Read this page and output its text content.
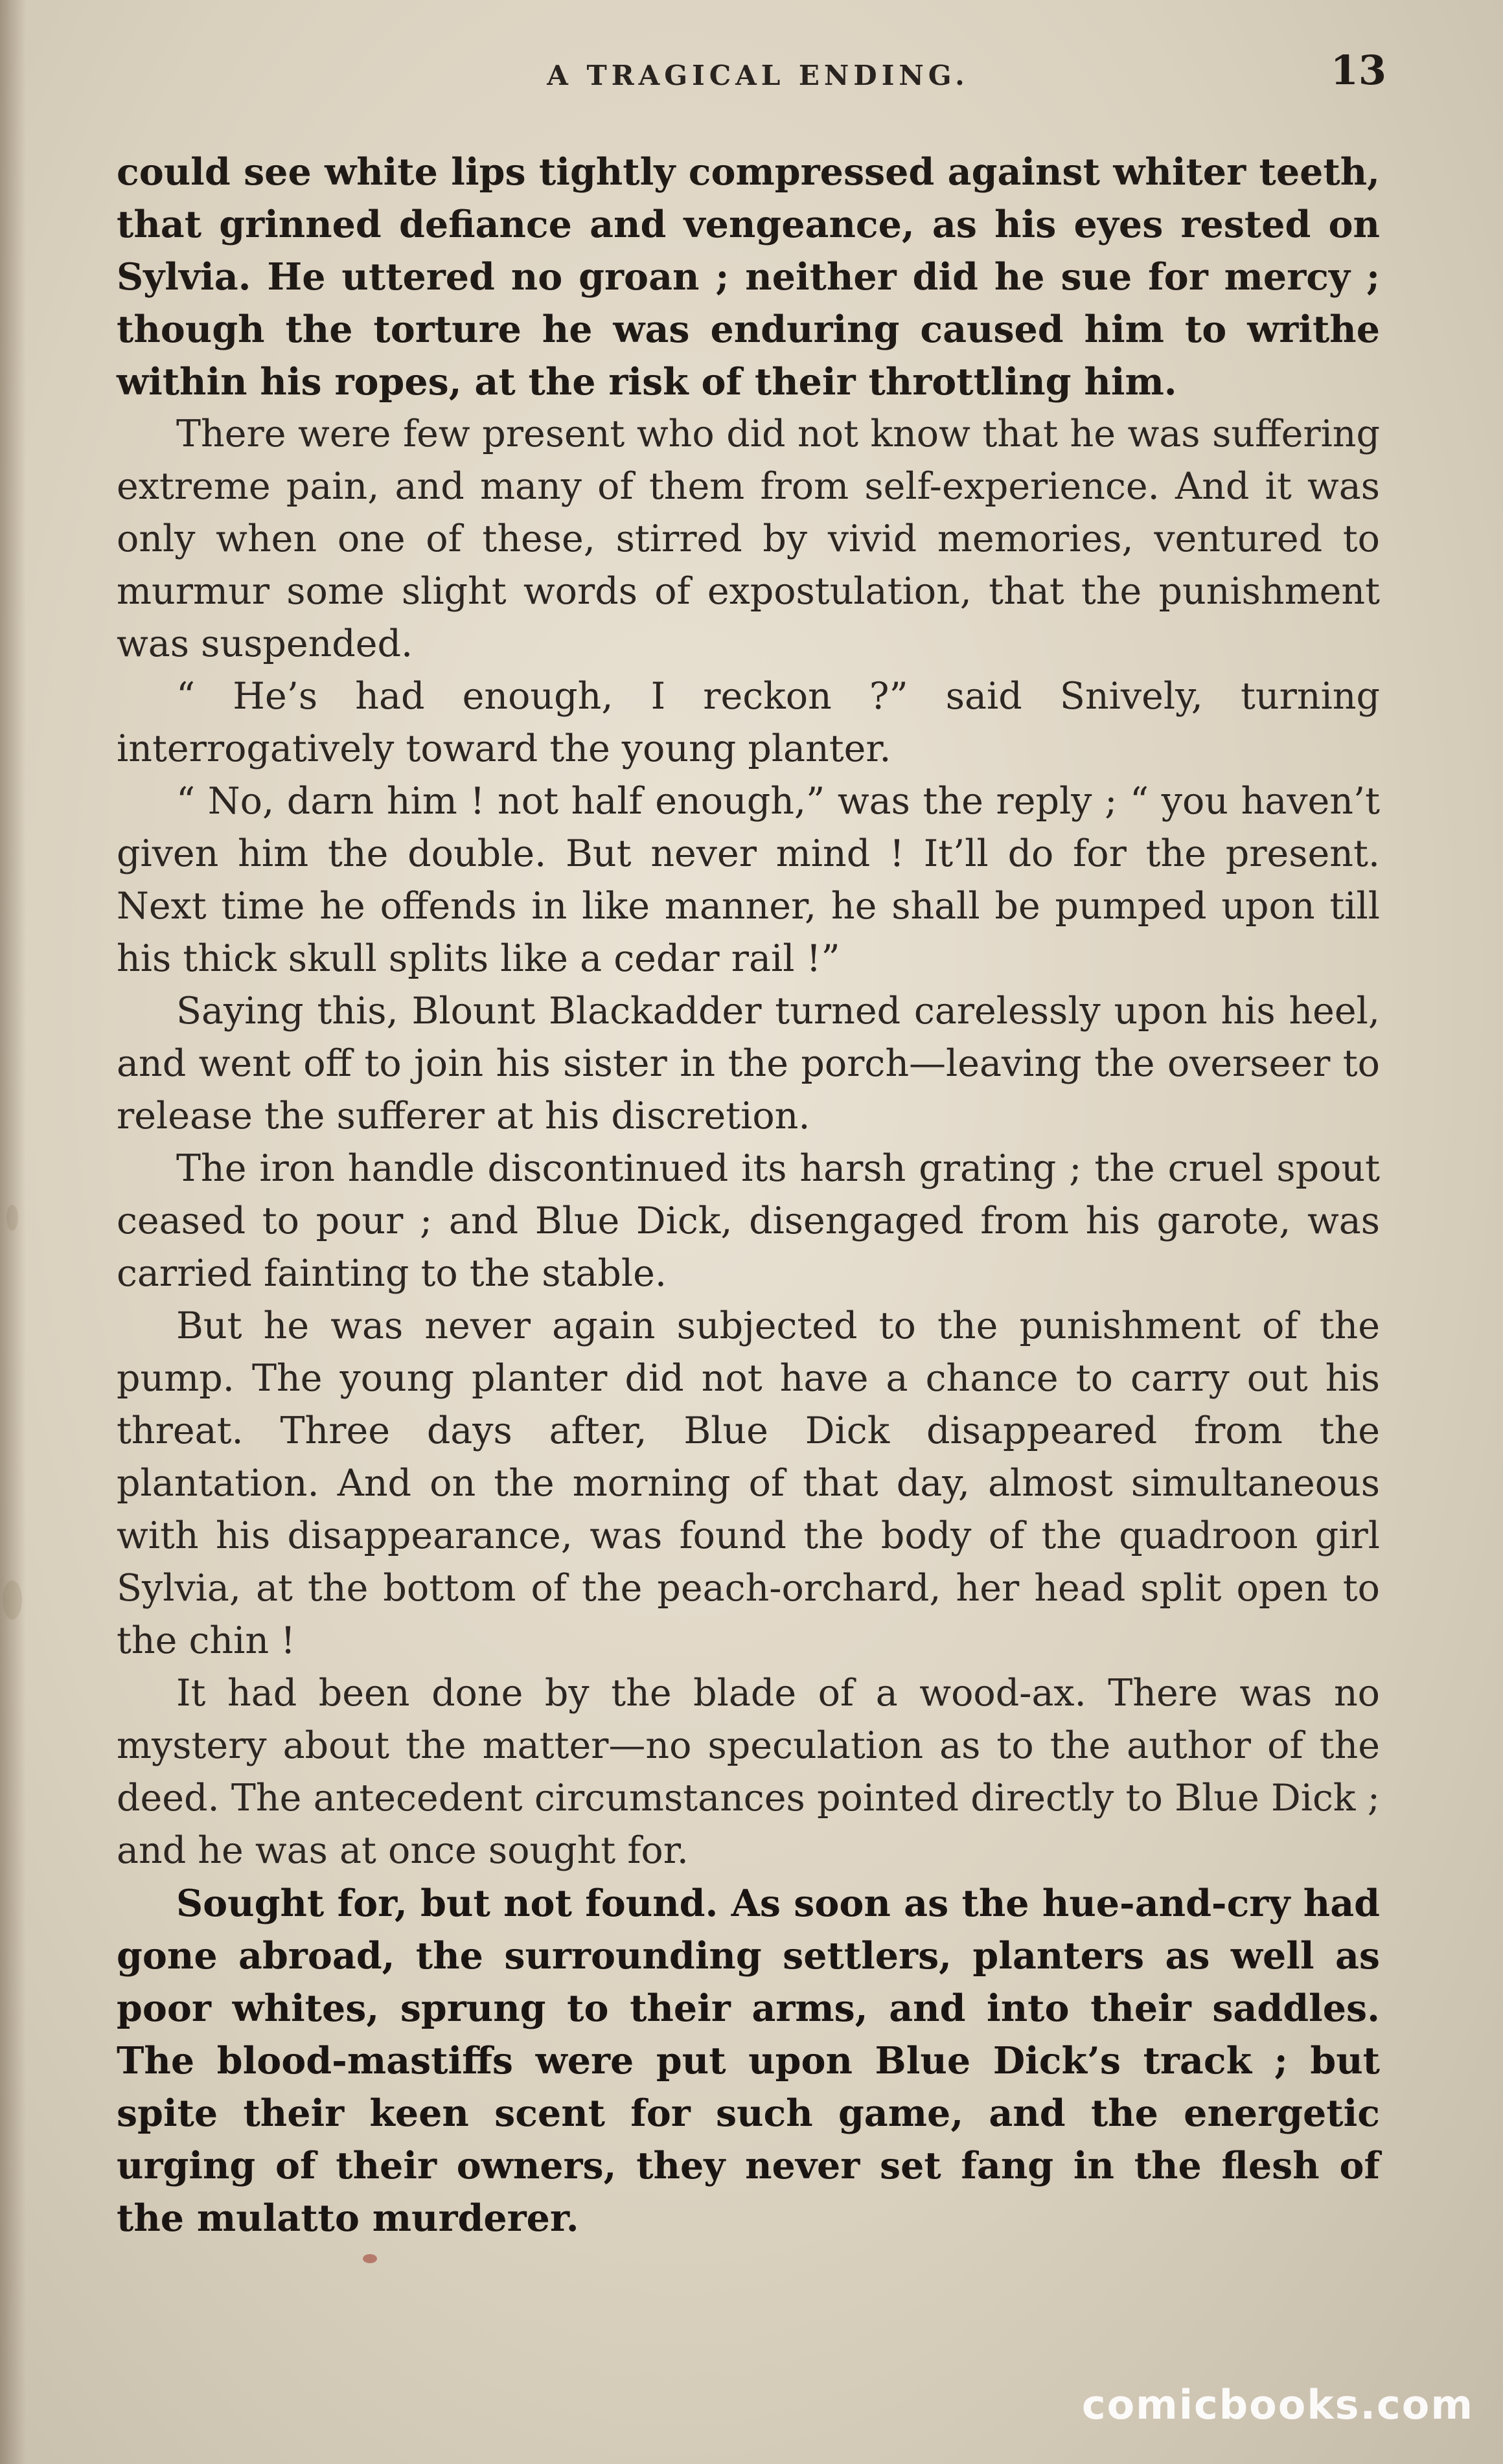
A TRAGICAL ENDING.	13

could see white lips tightly compressed against whiter teeth, that grinned defiance and vengeance, as his eyes rested on Sylvia. He uttered no groan ; neither did he sue for mercy ; though the torture he was enduring caused him to writhe within his ropes, at the risk of their throttling him.

There were few present who did not know that he was suffering extreme pain, and many of them from self-experience. And it was only when one of these, stirred by vivid memories, ventured to murmur some slight words of expostulation, that the punishment was suspended.

“ He’s had enough, I reckon ?” said Snively, turning interrogatively toward the young planter.

“ No, darn him ! not half enough,” was the reply ; “ you haven’t given him the double. But never mind ! It’ll do for the present. Next time he offends in like manner, he shall be pumped upon till his thick skull splits like a cedar rail !”

Saying this, Blount Blackadder turned carelessly upon his heel, and went off to join his sister in the porch—leaving the overseer to release the sufferer at his discretion.

The iron handle discontinued its harsh grating ; the cruel spout ceased to pour ; and Blue Dick, disengaged from his garote, was carried fainting to the stable.

But he was never again subjected to the punishment of the pump. The young planter did not have a chance to carry out his threat. Three days after, Blue Dick disappeared from the plantation. And on the morning of that day, almost simultaneous with his disappearance, was found the body of the quadroon girl Sylvia, at the bottom of the peach-orchard, her head split open to the chin !

It had been done by the blade of a wood-ax. There was no mystery about the matter—no speculation as to the author of the deed. The antecedent circumstances pointed directly to Blue Dick ; and he was at once sought for.

Sought for, but not found. As soon as the hue-and-cry had gone abroad, the surrounding settlers, planters as well as poor whites, sprung to their arms, and into their saddles. The blood-mastiffs were put upon Blue Dick’s track ; but spite their keen scent for such game, and the energetic urging of their owners, they never set fang in the flesh of the mulatto murderer.

comicbooks.com
